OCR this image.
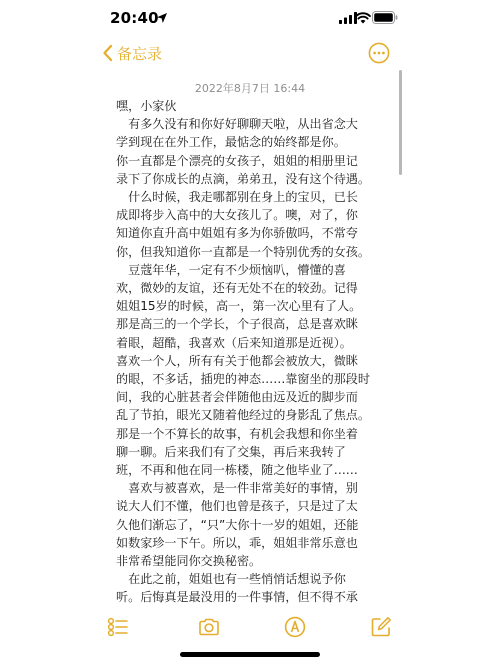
20:40
备忘录
2022年8月7日 16:44

嘿，小家伙

　有多久没有和你好好聊聊天啦，从出省念大

学到现在在外工作，最惦念的始终都是你。

你一直都是个漂亮的女孩子，姐姐的相册里记

录下了你成长的点滴，弟弟丑，没有这个待遇。

　什么时候，我走哪都别在身上的宝贝，已长

成即将步入高中的大女孩儿了。噢，对了，你

知道你直升高中姐姐有多为你骄傲吗，不常夸

你，但我知道你一直都是一个特别优秀的女孩。

　豆蔻年华，一定有不少烦恼叭，懵懂的喜

欢，微妙的友谊，还有无处不在的较劲。记得

姐姐15岁的时候，高一，第一次心里有了人。

那是高三的一个学长，个子很高，总是喜欢眯

着眼，超酷，我喜欢（后来知道那是近视）。

喜欢一个人，所有有关于他都会被放大，微眯

的眼，不多话，插兜的神态……靠窗坐的那段时

间，我的心脏甚者会伴随他由远及近的脚步而

乱了节拍，眼光又随着他经过的身影乱了焦点。

那是一个不算长的故事，有机会我想和你坐着

聊一聊。后来我们有了交集，再后来我转了

班，不再和他在同一栋楼，随之他毕业了……

　喜欢与被喜欢，是一件非常美好的事情，别

说大人们不懂，他们也曾是孩子，只是过了太

久他们渐忘了，“只”大你十一岁的姐姐，还能

如数家珍一下午。所以，乖，姐姐非常乐意也

非常希望能同你交换秘密。

　在此之前，姐姐也有一些悄悄话想说予你

听。后悔真是最没用的一件事情，但不得不承
